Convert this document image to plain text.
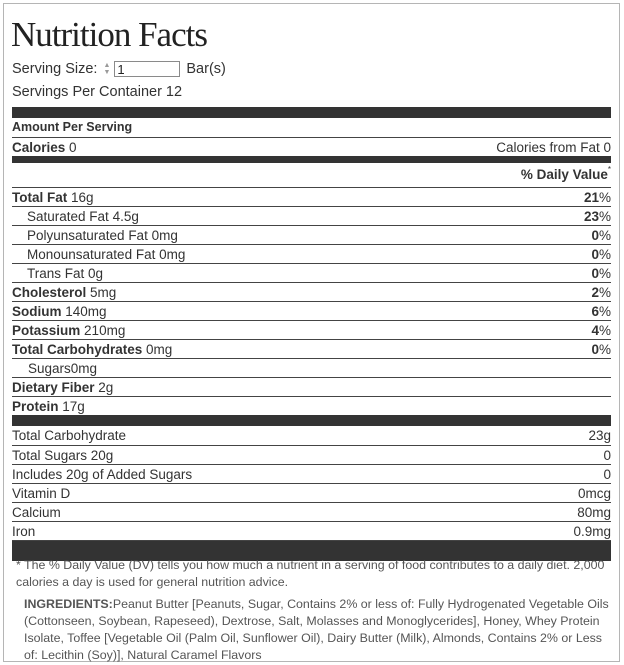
Nutrition Facts
Serving Size: ▲
▼
1	Bar(s)
Servings Per Container 12
Amount Per Serving
Calories 0	Calories from Fat 0
% Daily Value*
Total Fat 16g	21%
Saturated Fat 4.5g	23%
Polyunsaturated Fat 0mg	0%
Monounsaturated Fat 0mg	0%
Trans Fat 0g	0%
Cholesterol 5mg	2%
Sodium 140mg	6%
Potassium 210mg	4%
Total Carbohydrates 0mg	0%
Sugars0mg
Dietary Fiber 2g
Protein 17g
Total Carbohydrate	23g
Total Sugars 20g	0
Includes 20g of Added Sugars	0
Vitamin D	0mcg
Calcium	80mg
Iron	0.9mg
* The % Daily Value (DV) tells you how much a nutrient in a serving of food contributes to a daily diet. 2,000 calories a day is used for general nutrition advice.
INGREDIENTS:Peanut Butter [Peanuts, Sugar, Contains 2% or less of: Fully Hydrogenated Vegetable Oils (Cottonseen, Soybean, Rapeseed), Dextrose, Salt, Molasses and Monoglycerides], Honey, Whey Protein Isolate, Toffee [Vegetable Oil (Palm Oil, Sunflower Oil), Dairy Butter (Milk), Almonds, Contains 2% or Less of: Lecithin (Soy)], Natural Caramel Flavors
